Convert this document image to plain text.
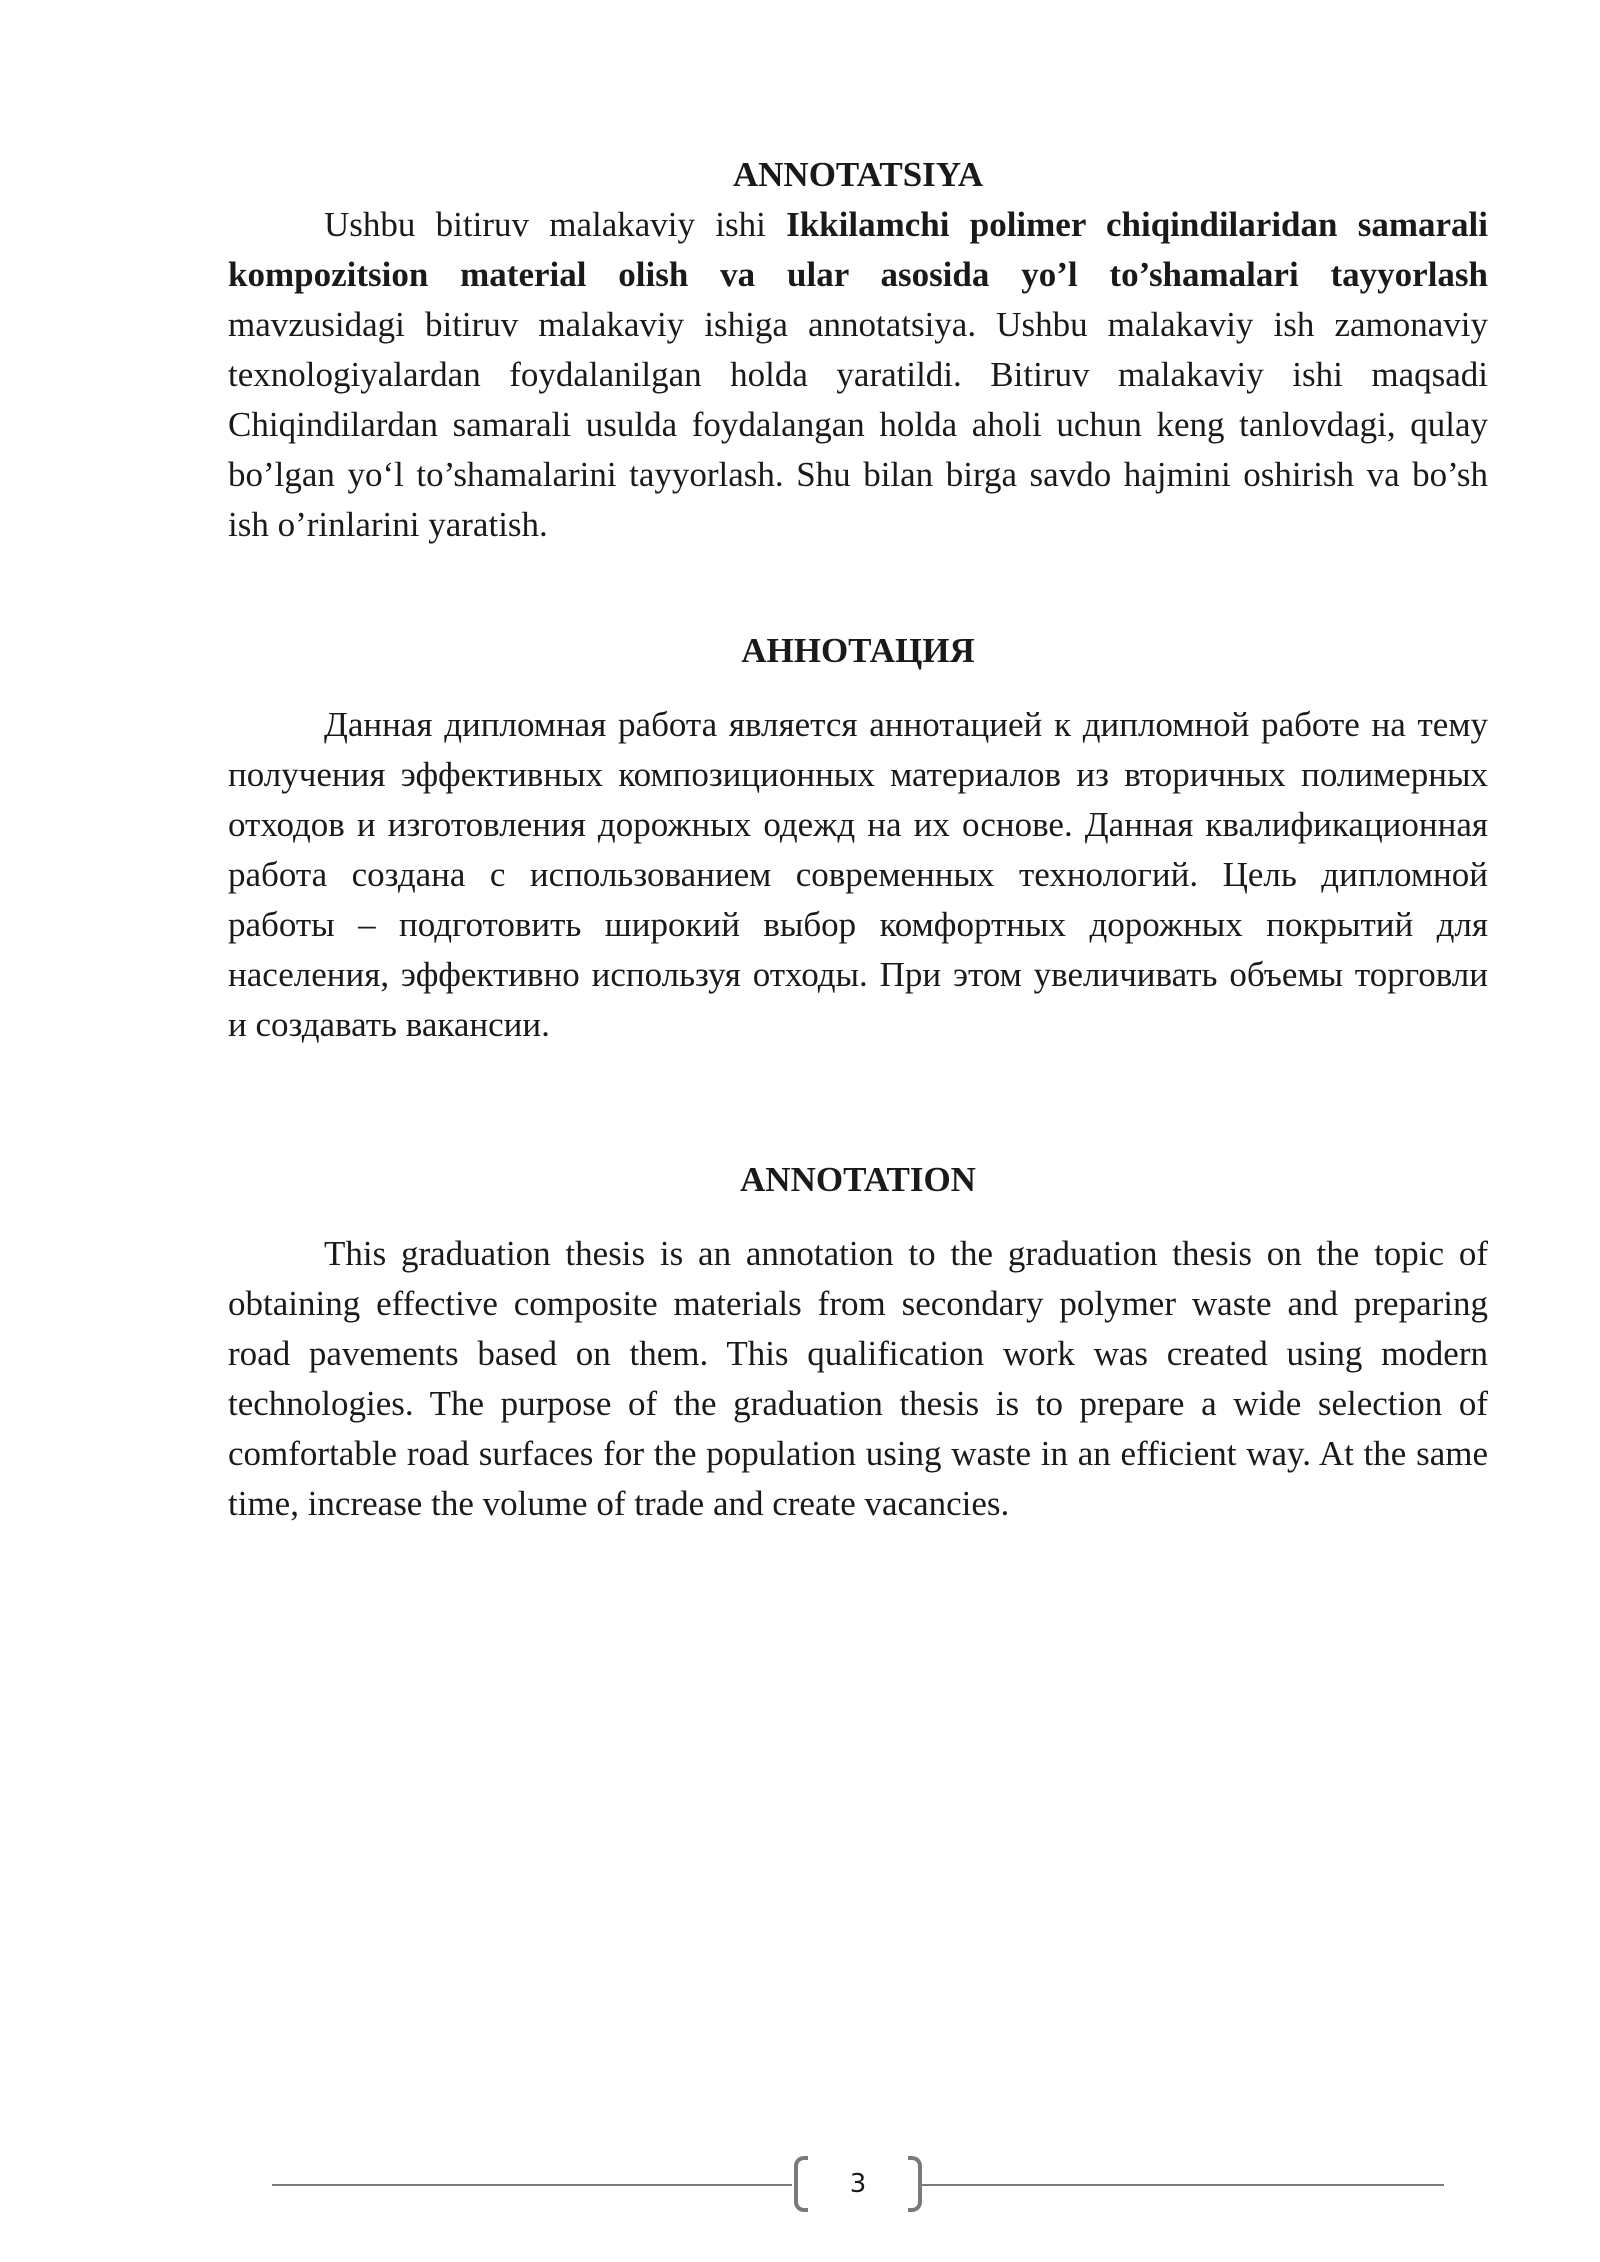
ANNOTATSIYA

Ushbu bitiruv malakaviy ishi Ikkilamchi polimer chiqindilaridan samarali kompozitsion material olish va ular asosida yo’l to’shamalari tayyorlash mavzusidagi bitiruv malakaviy ishiga annotatsiya. Ushbu malakaviy ish zamonaviy texnologiyalardan foydalanilgan holda yaratildi. Bitiruv malakaviy ishi maqsadi Chiqindilardan samarali usulda foydalangan holda aholi uchun keng tanlovdagi, qulay bo’lgan yoʻl to’shamalarini tayyorlash. Shu bilan birga savdo hajmini oshirish va bo’sh ish o’rinlarini yaratish.

АННОТАЦИЯ

Данная дипломная работа является аннотацией к дипломной работе на тему получения эффективных композиционных материалов из вторичных полимерных отходов и изготовления дорожных одежд на их основе. Данная квалификационная работа создана с использованием современных технологий. Цель дипломной работы – подготовить широкий выбор комфортных дорожных покрытий для населения, эффективно используя отходы. При этом увеличивать объемы торговли и создавать вакансии.

ANNOTATION

This graduation thesis is an annotation to the graduation thesis on the topic of obtaining effective composite materials from secondary polymer waste and preparing road pavements based on them. This qualification work was created using modern technologies. The purpose of the graduation thesis is to prepare a wide selection of comfortable road surfaces for the population using waste in an efficient way. At the same time, increase the volume of trade and create vacancies.

3
